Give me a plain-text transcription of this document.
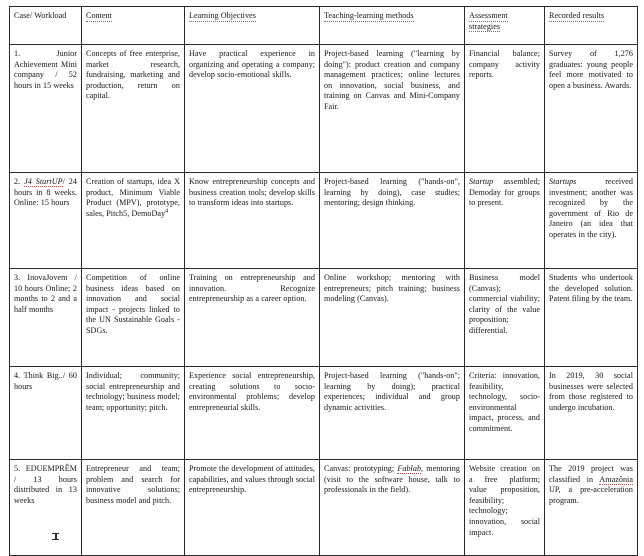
Case/ Workload	Content	Learning Objectives	Teaching-learning methods	Assessment strategies	Recorded results
1. Junior Achievement Mini company / 52 hours in 15 weeks	Concepts of free enterprise, market research, fundraising, marketing and production, return on capital.	Have practical experience in organizing and operating a company; develop socio-emotional skills.	Project-based learning ("learning by doing"): product creation and company management practices; online lectures on innovation, social business, and training on Canvas and Mini-Company Fair.	Financial balance; company activity reports.	Survey of 1,276 graduates: young people feel more motivated to open a business. Awards.
2. J4 StartUP/ 24 hours in 8 weeks. Online: 15 hours	Creation of startups, idea X product, Minimum Viable Product (MPV), prototype, sales, Pitch5, DemoDay$^4$	Know entrepreneurship concepts and business creation tools; develop skills to transform ideas into startups.	Project-based learning ("hands-on", learning by doing), case studies; mentoring; design thinking.	Startup assembled; Demoday for groups to present.	Startups received investment; another was recognized by the government of Rio de Janeiro (an idea that operates in the city).
3. InovaJovem / 10 hours Online; 2 months to 2 and a half months	Competition of online business ideas based on innovation and social impact - projects linked to the UN Sustainable Goals - SDGs.	Training on entrepreneurship and innovation. Recognize entrepreneurship as a career option.	Online workshop; mentoring with entrepreneurs; pitch training; business modeling (Canvas).	Business model (Canvas); commercial viability; clarity of the value proposition; differential.	Students who undertook the developed solution. Patent filing by the team.
4. Think Big../ 60 hours	Individual; community; social entrepreneurship and technology; business model; team; opportunity; pitch.	Experience social entrepreneurship, creating solutions to socio-environmental problems; develop entrepreneurial skills.	Project-based learning ("hands-on"; learning by doing); practical experiences; individual and group dynamic activities.	Criteria: innovation, feasibility, technology, socio-environmental impact, process, and commitment.	In 2019, 30 social businesses were selected from those registered to undergo incubation.
5. EDUEMPRÊM / 13 hours distributed in 13 weeks	Entrepreneur and team; problem and search for innovative solutions; business model and pitch.	Promote the development of attitudes, capabilities, and values through social entrepreneurship.	Canvas: prototyping; Fablab, mentoring (visit to the software house, talk to professionals in the field).	Website creation on a free platform; value proposition, feasibility; technology; innovation, social impact.	The 2019 project was classified in Amazônia UP, a pre-acceleration program.
